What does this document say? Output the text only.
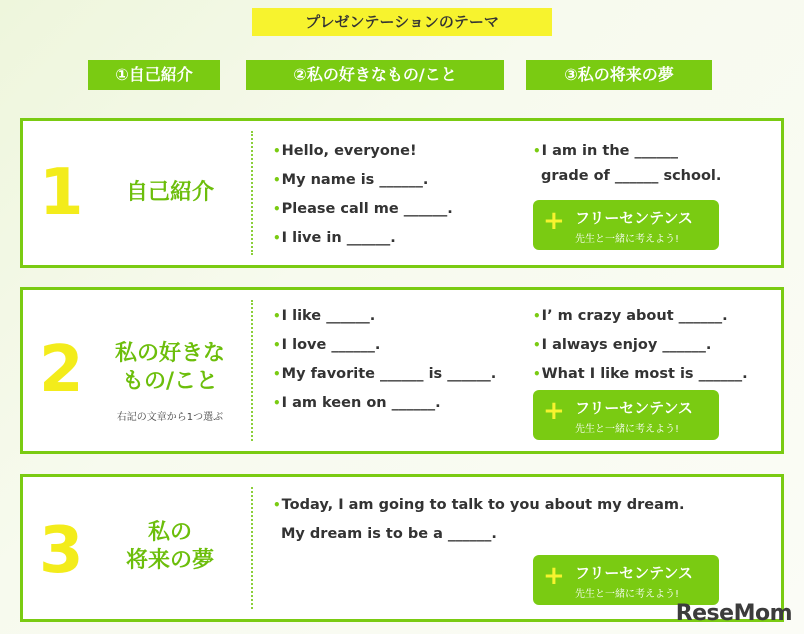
プレゼンテーションのテーマ
①自己紹介	②私の好きなもの/こと	③私の将来の夢
1	自己紹介
•Hello, everyone!
•My name is ______.
•Please call me ______.
•I live in ______.
•I am in the ______
grade of ______ school.
+ フリーセンテンス
先生と一緒に考えよう!
2	私の好きな
もの/こと
右記の文章から1つ選ぶ
•I like ______.
•I love ______.
•My favorite ______ is ______.
•I am keen on ______.
•I’ m crazy about ______.
•I always enjoy ______.
•What I like most is ______.
+ フリーセンテンス
先生と一緒に考えよう!
3	私の
将来の夢
•Today, I am going to talk to you about my dream.
My dream is to be a ______.
+ フリーセンテンス
先生と一緒に考えよう!
ReseMom
